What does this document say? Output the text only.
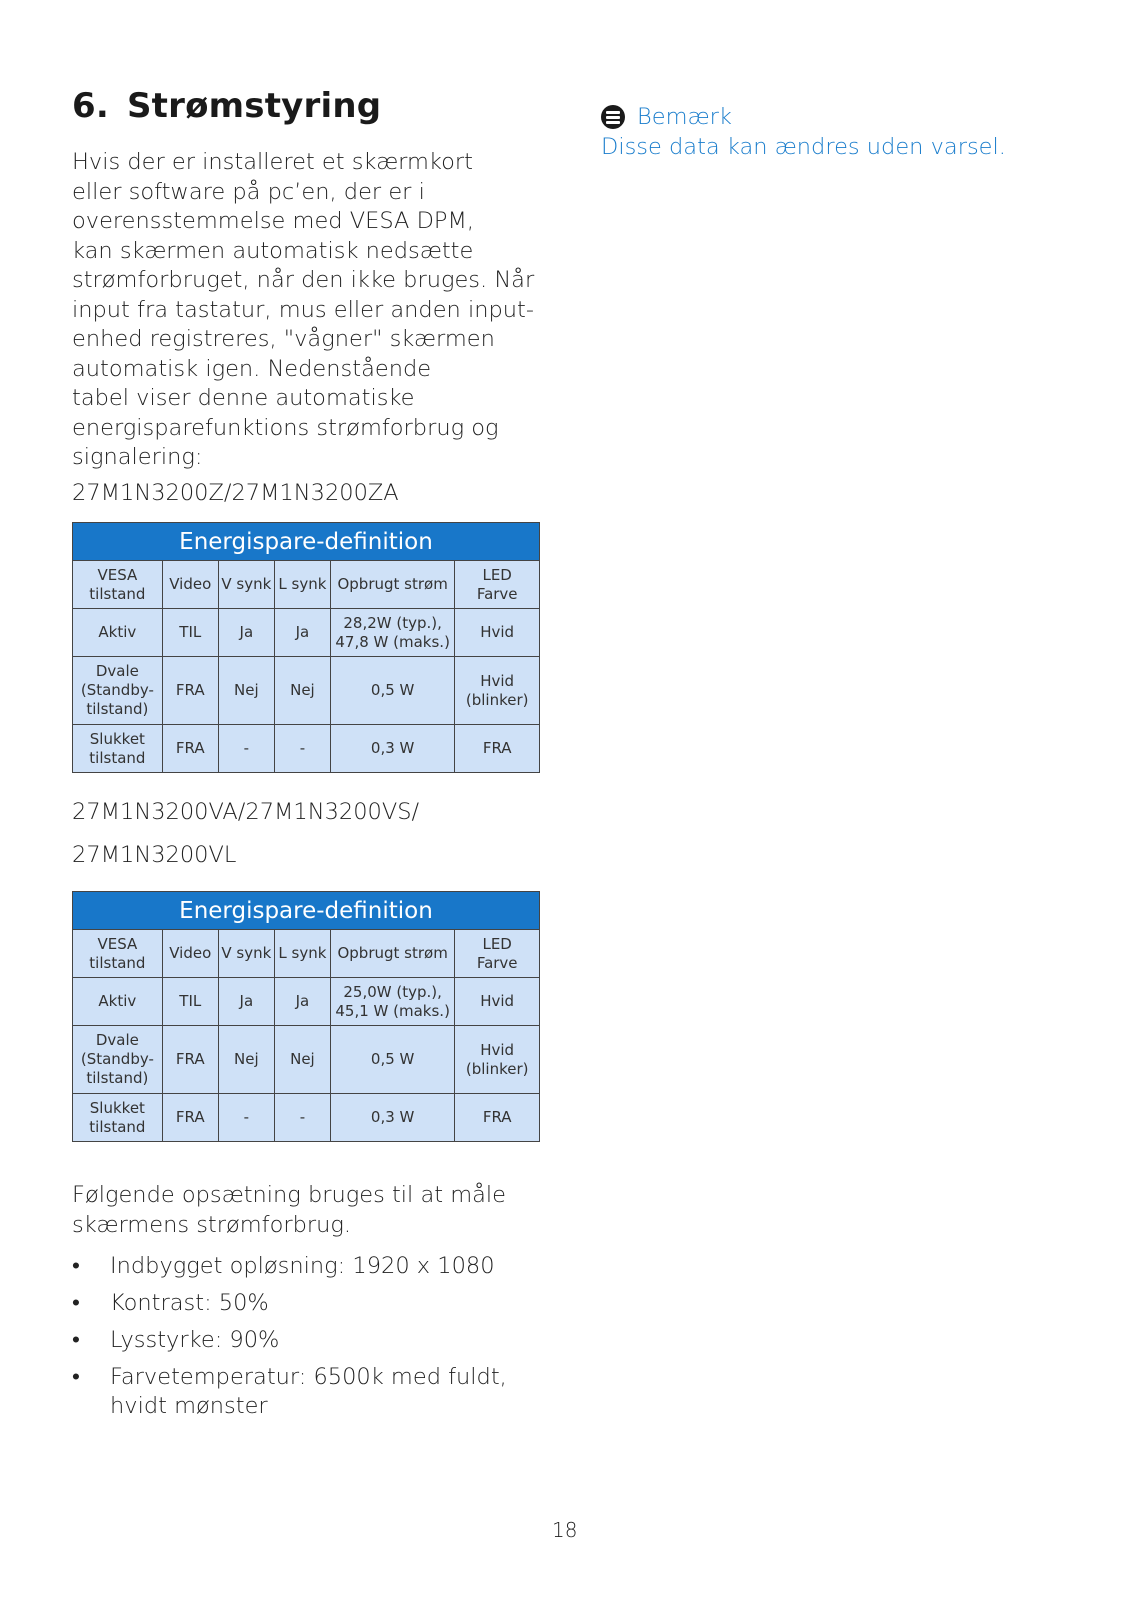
6. Strømstyring
Hvis der er installeret et skærmkort
eller software på pc’en, der er i
overensstemmelse med VESA DPM,
kan skærmen automatisk nedsætte
strømforbruget, når den ikke bruges. Når
input fra tastatur, mus eller anden input-
enhed registreres, "vågner" skærmen
automatisk igen. Nedenstående
tabel viser denne automatiske
energisparefunktions strømforbrug og
signalering:
Bemærk
Disse data kan ændres uden varsel.
27M1N3200Z/27M1N3200ZA
Energispare-definition					

VESA
tilstand	Video	V synk	L synk	Opbrugt strøm	LED
Farve

Aktiv	TIL	Ja	Ja	28,2W (typ.),
47,8 W (maks.)	Hvid

Dvale
(Standby-
tilstand)	FRA	Nej	Nej	0,5 W	Hvid
(blinker)

Slukket
tilstand	FRA	-	-	0,3 W	FRA
27M1N3200VA/27M1N3200VS/
27M1N3200VL
Energispare-definition					

VESA
tilstand	Video	V synk	L synk	Opbrugt strøm	LED
Farve

Aktiv	TIL	Ja	Ja	25,0W (typ.),
45,1 W (maks.)	Hvid

Dvale
(Standby-
tilstand)	FRA	Nej	Nej	0,5 W	Hvid
(blinker)

Slukket
tilstand	FRA	-	-	0,3 W	FRA
Følgende opsætning bruges til at måle
skærmens strømforbrug.
• Indbygget opløsning: 1920 x 1080
• Kontrast: 50%
• Lysstyrke: 90%
• Farvetemperatur: 6500k med fuldt,
hvidt mønster
18
